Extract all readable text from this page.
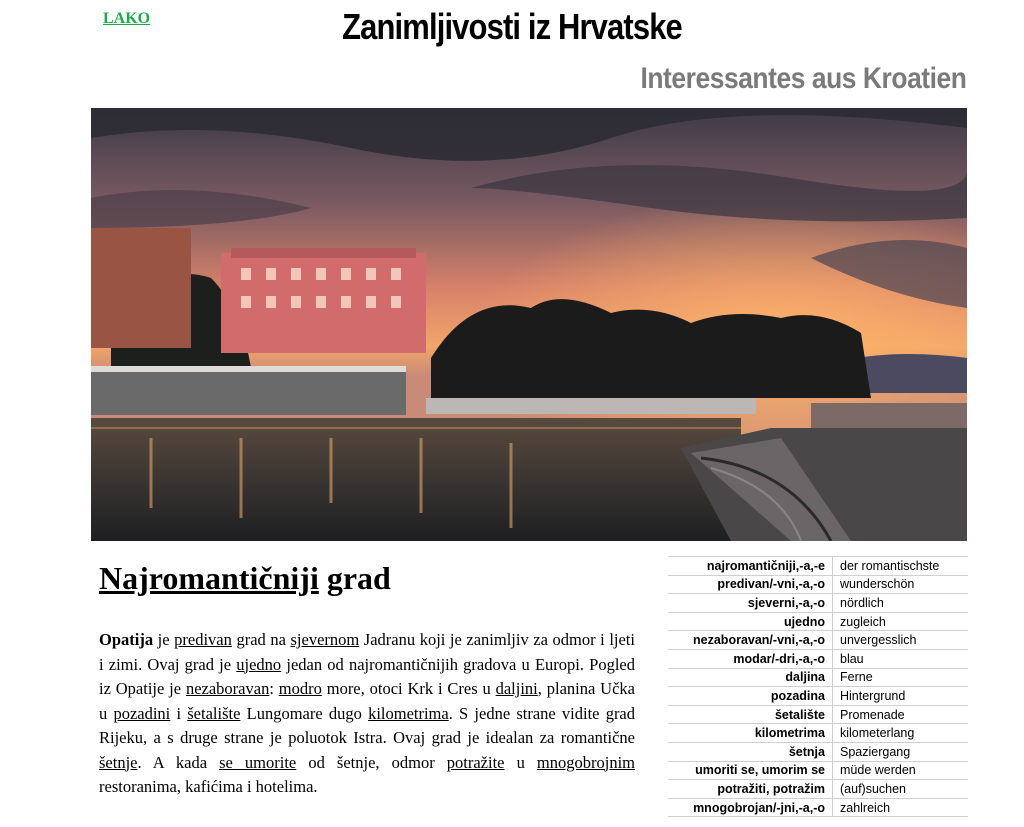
LAKO	Zanimljivosti iz Hrvatske
Interessantes aus Kroatien
Najromantičniji grad
Opatija je predivan grad na sjevernom Jadranu koji je zanimljiv za odmor i ljeti i zimi. Ovaj grad je ujedno jedan od najromantičnijih gradova u Europi. Pogled iz Opatije je nezaboravan: modro more, otoci Krk i Cres u daljini, planina Učka u pozadini i šetalište Lungomare dugo kilometrima. S jedne strane vidite grad Rijeku, a s druge strane je poluotok Istra. Ovaj grad je idealan za romantične šetnje. A kada se umorite od šetnje, odmor potražite u mnogobrojnim restoranima, kafićima i hotelima.
najromantičniji,-a,-e	der romantischste
predivan/-vni,-a,-o	wunderschön
sjeverni,-a,-o	nördlich
ujedno	zugleich
nezaboravan/-vni,-a,-o	unvergesslich
modar/-dri,-a,-o	blau
daljina	Ferne
pozadina	Hintergrund
šetalište	Promenade
kilometrima	kilometerlang
šetnja	Spaziergang
umoriti se, umorim se	müde werden
potražiti, potražim	(auf)suchen
mnogobrojan/-jni,-a,-o	zahlreich
